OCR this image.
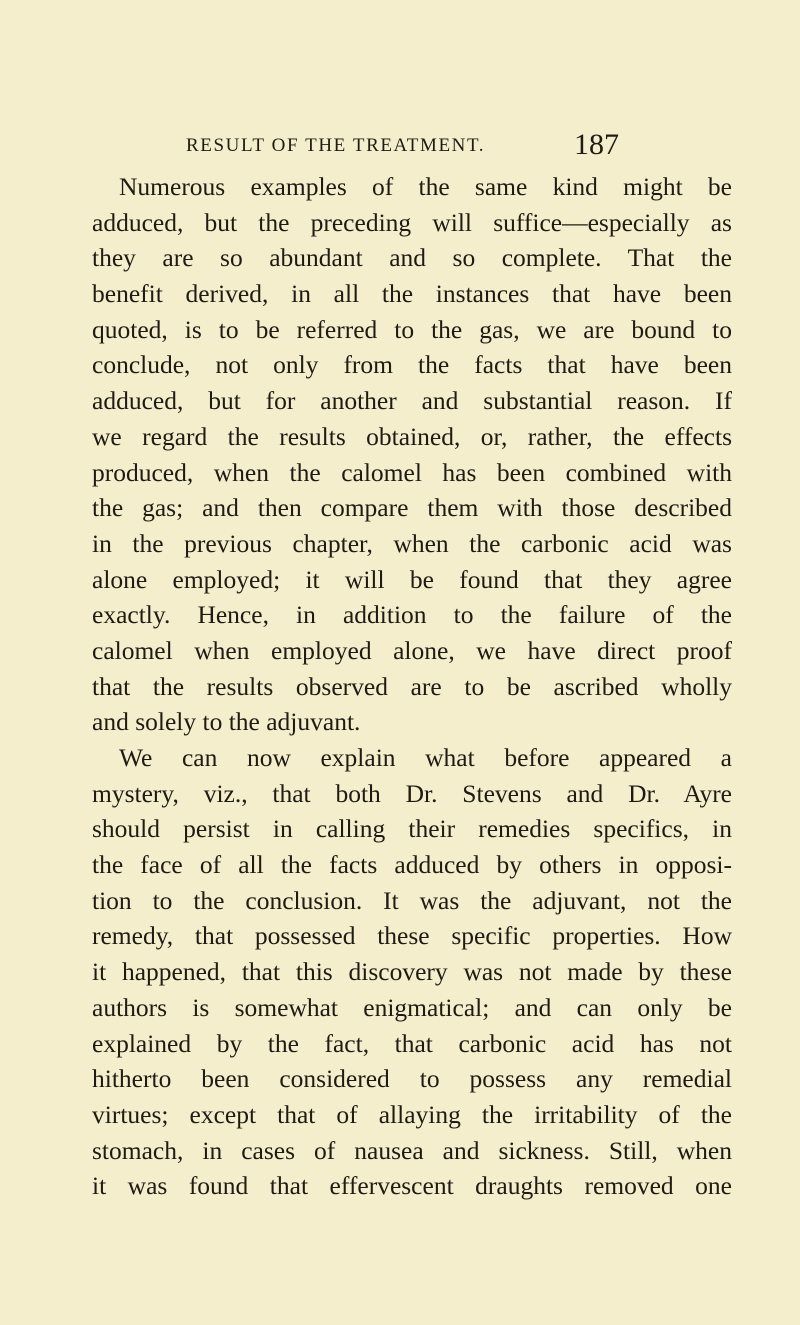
RESULT OF THE TREATMENT.	187
Numerous examples of the same kind might be
adduced, but the preceding will suffice—especially as
they are so abundant and so complete. That the
benefit derived, in all the instances that have been
quoted, is to be referred to the gas, we are bound to
conclude, not only from the facts that have been
adduced, but for another and substantial reason. If
we regard the results obtained, or, rather, the effects
produced, when the calomel has been combined with
the gas; and then compare them with those described
in the previous chapter, when the carbonic acid was
alone employed; it will be found that they agree
exactly. Hence, in addition to the failure of the
calomel when employed alone, we have direct proof
that the results observed are to be ascribed wholly
and solely to the adjuvant.
We can now explain what before appeared a
mystery, viz., that both Dr. Stevens and Dr. Ayre
should persist in calling their remedies specifics, in
the face of all the facts adduced by others in opposi-
tion to the conclusion. It was the adjuvant, not the
remedy, that possessed these specific properties. How
it happened, that this discovery was not made by these
authors is somewhat enigmatical; and can only be
explained by the fact, that carbonic acid has not
hitherto been considered to possess any remedial
virtues; except that of allaying the irritability of the
stomach, in cases of nausea and sickness. Still, when
it was found that effervescent draughts removed one
